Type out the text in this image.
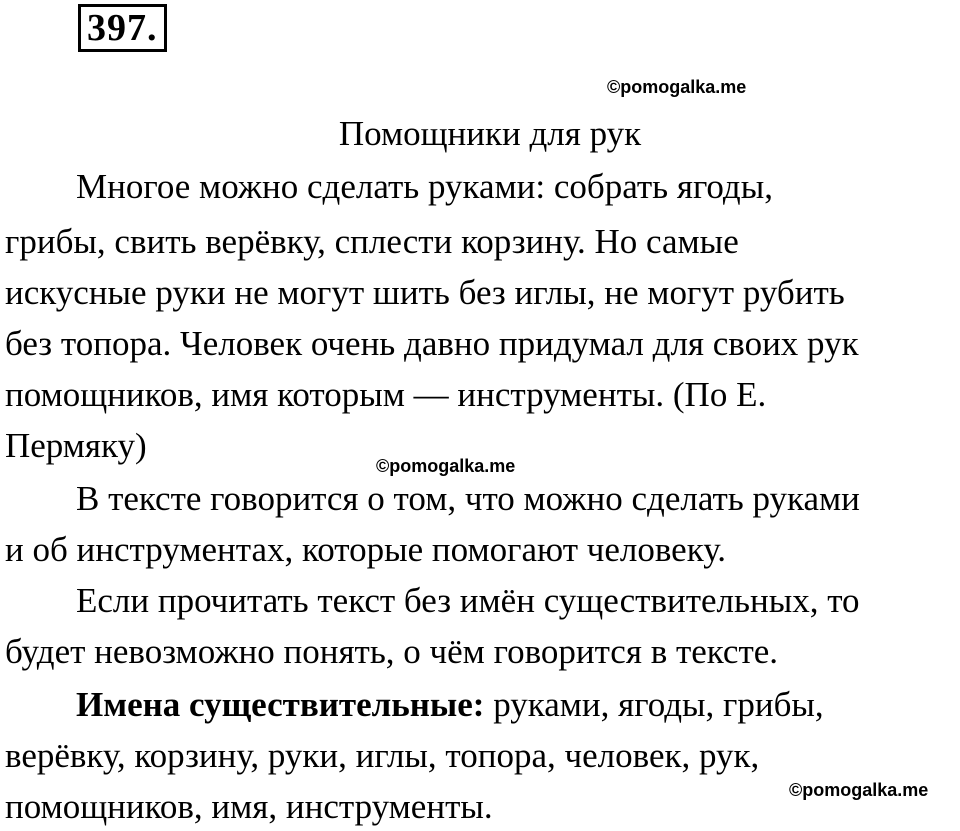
397.
©pomogalka.me
Помощники для рук
Многое можно сделать руками: собрать ягоды,
грибы, свить верёвку, сплести корзину. Но самые
искусные руки не могут шить без иглы, не могут рубить
без топора. Человек очень давно придумал для своих рук
помощников, имя которым — инструменты. (По Е.
Пермяку)
©pomogalka.me
В тексте говорится о том, что можно сделать руками
и об инструментах, которые помогают человеку.
Если прочитать текст без имён существительных, то
будет невозможно понять, о чём говорится в тексте.
Имена существительные: руками, ягоды, грибы,
верёвку, корзину, руки, иглы, топора, человек, рук,
помощников, имя, инструменты.	©pomogalka.me
